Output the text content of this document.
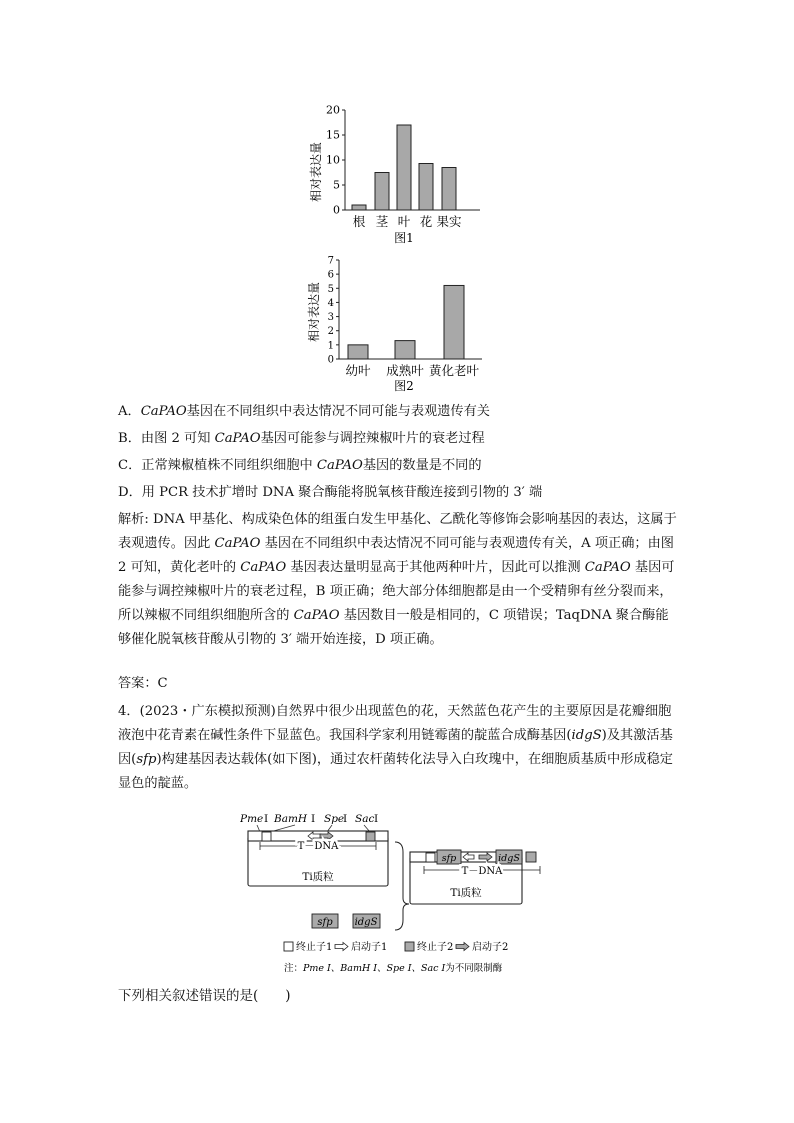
相对表达量
0
5
10
15
20
根 茎 叶 花 果实
图1
相对表达量
0
1
2
3
4
5
6
7
幼叶 成熟叶 黄化老叶
图2
A．CaPAO基因在不同组织中表达情况不同可能与表观遗传有关
B．由图 2 可知 CaPAO基因可能参与调控辣椒叶片的衰老过程
C．正常辣椒植株不同组织细胞中 CaPAO基因的数量是不同的
D．用 PCR 技术扩增时 DNA 聚合酶能将脱氧核苷酸连接到引物的 3′ 端
解析: DNA 甲基化、构成染色体的组蛋白发生甲基化、乙酰化等修饰会影响基因的表达，这属于表观遗传。因此 CaPAO 基因在不同组织中表达情况不同可能与表观遗传有关，A 项正确；由图 2 可知，黄化老叶的 CaPAO 基因表达量明显高于其他两种叶片，因此可以推测 CaPAO 基因可能参与调控辣椒叶片的衰老过程，B 项正确；绝大部分体细胞都是由一个受精卵有丝分裂而来，所以辣椒不同组织细胞所含的 CaPAO 基因数目一般是相同的，C 项错误；TaqDNA 聚合酶能够催化脱氧核苷酸从引物的 3′ 端开始连接，D 项正确。
答案：C
4．(2023・广东模拟预测)自然界中很少出现蓝色的花，天然蓝色花产生的主要原因是花瓣细胞液泡中花青素在碱性条件下显蓝色。我国科学家利用链霉菌的靛蓝合成酶基因(idgS)及其激活基因(sfp)构建基因表达载体(如下图)，通过农杆菌转化法导入白玫瑰中，在细胞质基质中形成稳定显色的靛蓝。
Pme Ⅰ BamH Ⅰ Spe
Ⅰ Sac Ⅰ
T－DNA
Ti质粒
sfp idgS
sfp	idgS
T－DNA
Ti质粒
终止子1 启动子1	终止子2 启动子2
注：Pme Ⅰ、BamH Ⅰ、Spe Ⅰ、Sac Ⅰ为不同限制酶
下列相关叙述错误的是(　　)
